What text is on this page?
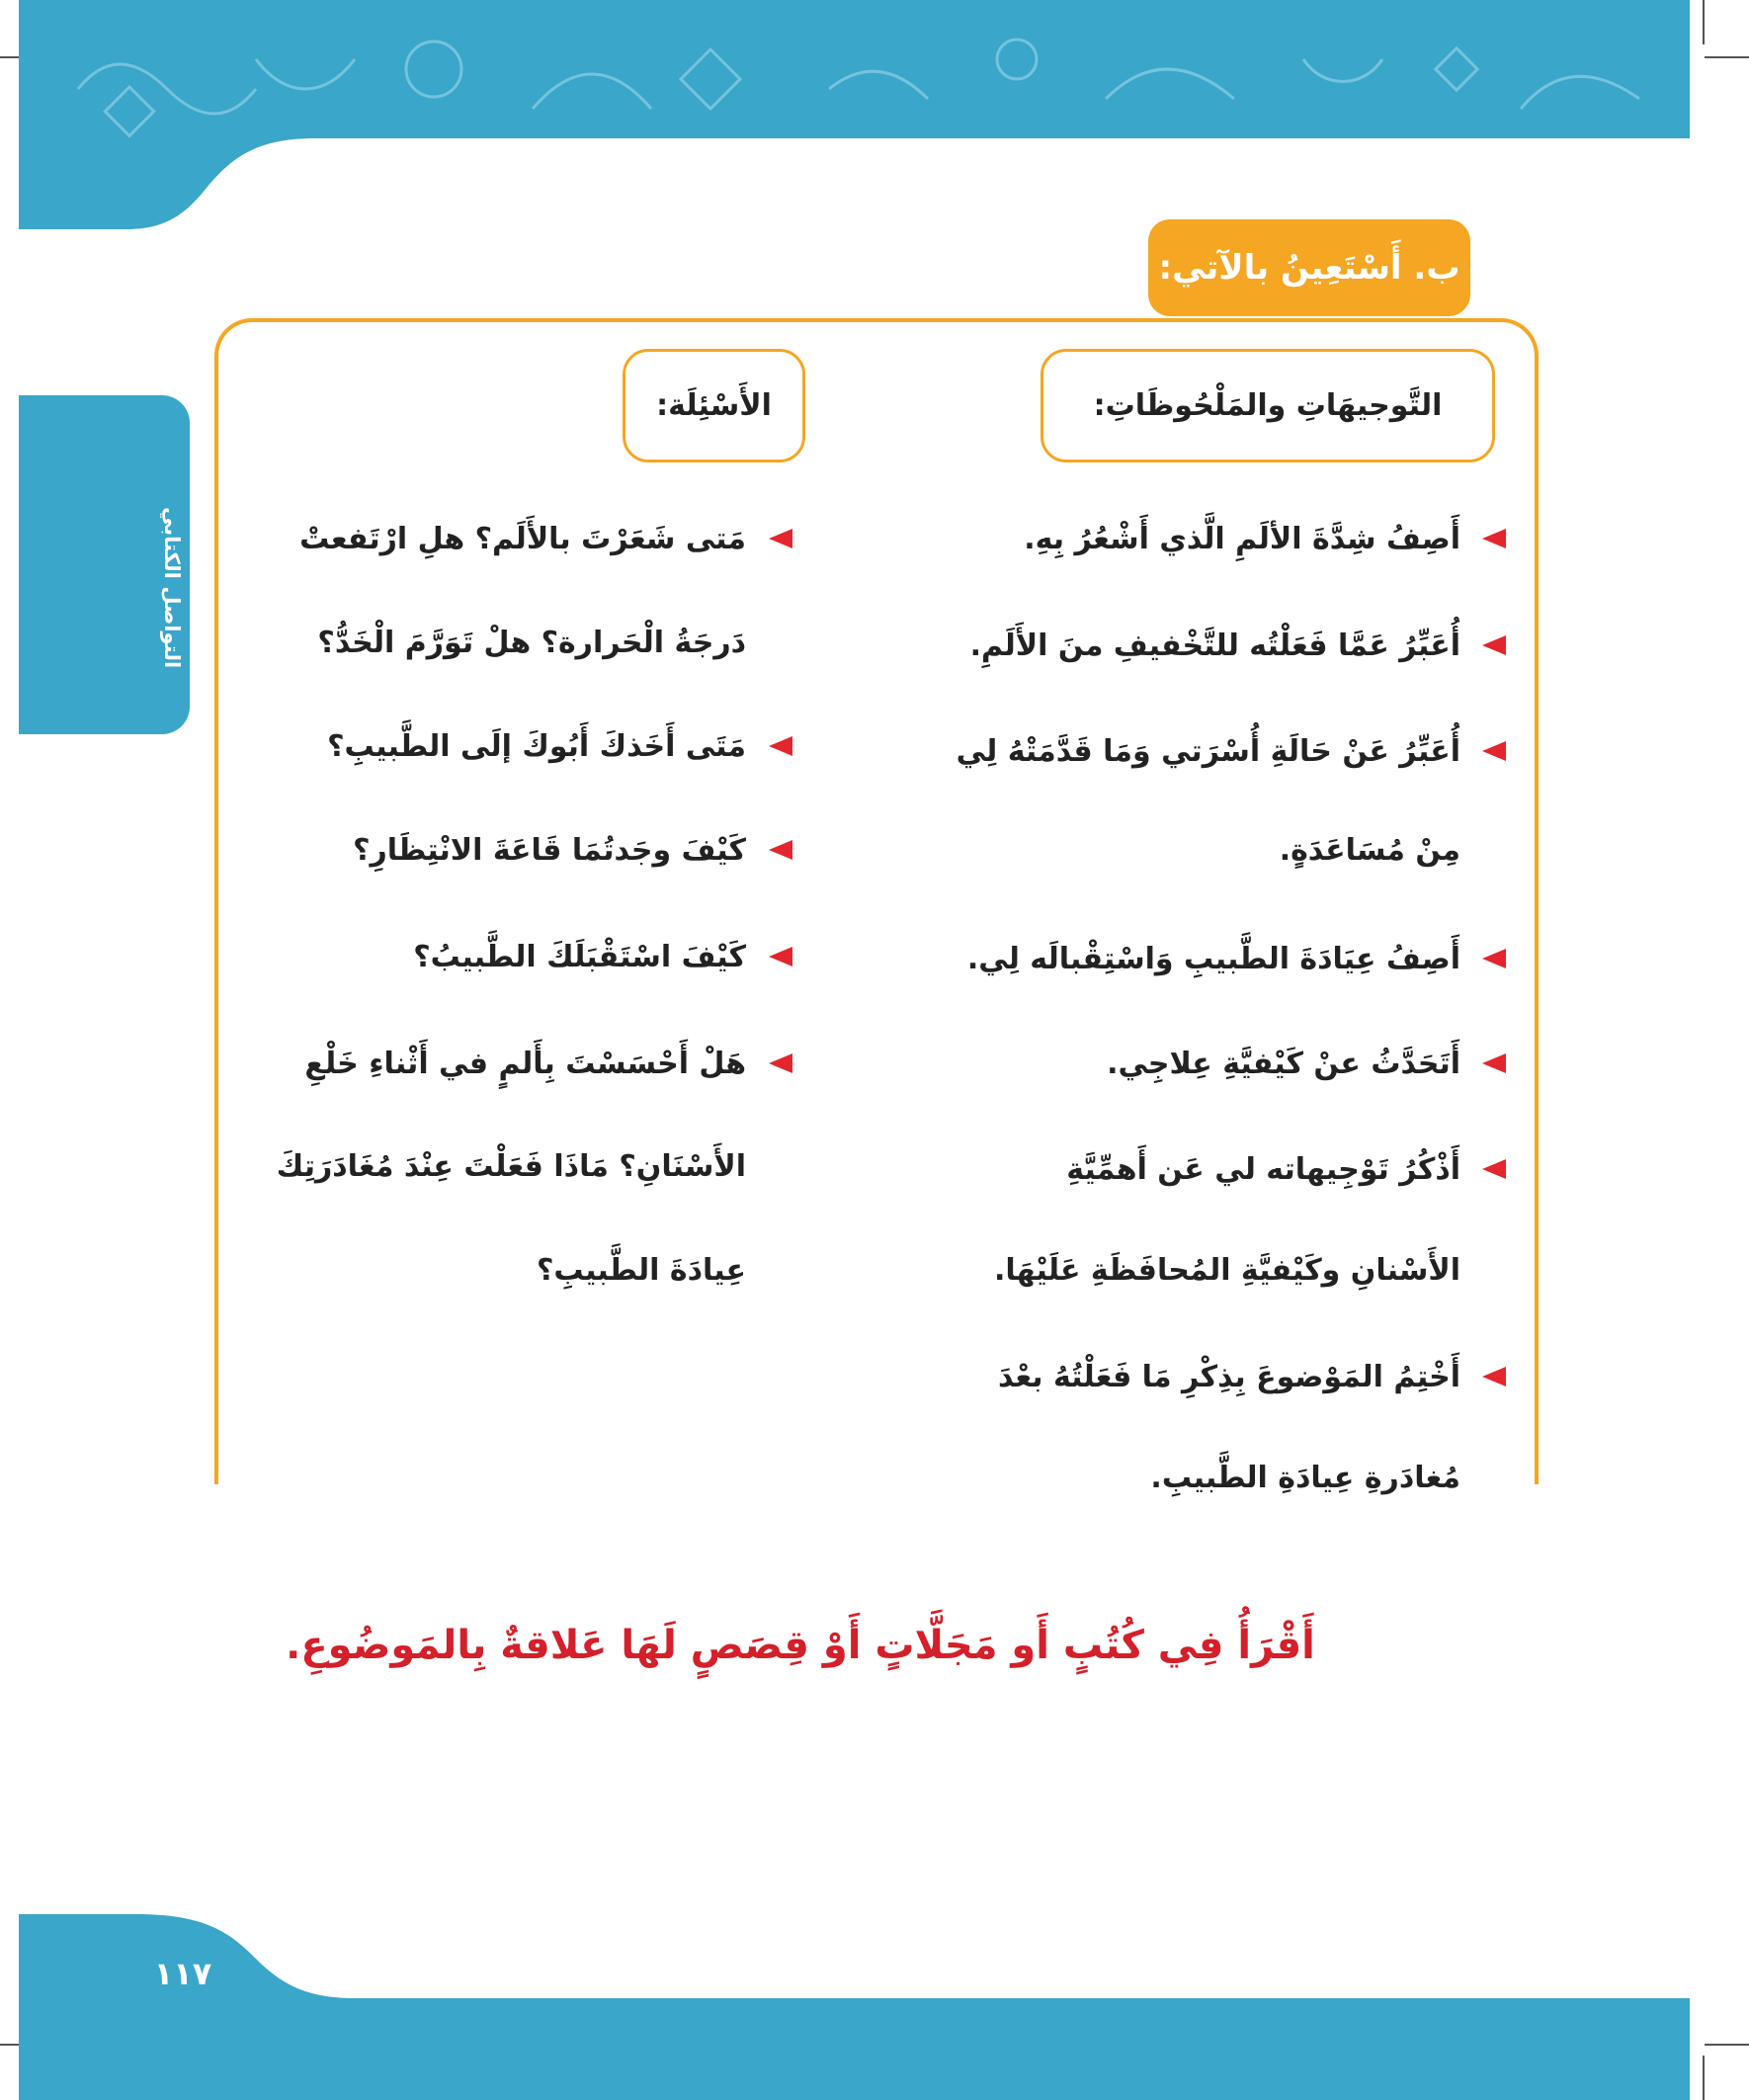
التواصل الكتابي
ب. أَسْتَعِينُ بالآتي:
التَّوجيهَاتِ والمَلْحُوظَاتِ:
الأَسْئِلَة:

أَصِفُ شِدَّةَ الألَمِ الَّذي أَشْعُرُ بِهِ.

أُعَبِّرُ عَمَّا فَعَلْتُه للتَّخْفيفِ منَ الأَلَمِ.

أُعَبِّرُ عَنْ حَالَةِ أُسْرَتي وَمَا قَدَّمَتْهُ لِي

مِنْ مُسَاعَدَةٍ.

أَصِفُ عِيَادَةَ الطَّبيبِ وَاسْتِقْبالَه لِي.

أَتَحَدَّثُ عنْ كَيْفيَّةِ عِلاجِي.

أَذْكُرُ تَوْجِيهاته لي عَن أَهمِّيَّةِ

الأَسْنانِ وكَيْفيَّةِ المُحافَظَةِ عَلَيْهَا.

أَخْتِمُ المَوْضوعَ بِذِكْرِ مَا فَعَلْتُهُ بعْدَ

مُغادَرةِ عِيادَةِ الطَّبيبِ.

مَتى شَعَرْتَ بالأَلَم؟ هلِ ارْتَفعتْ

دَرجَةُ الْحَرارة؟ هلْ تَوَرَّمَ الْخَدُّ؟

مَتَى أَخَذكَ أَبُوكَ إلَى الطَّبيبِ؟

كَيْفَ وجَدتُمَا قَاعَةَ الانْتِظَارِ؟

كَيْفَ اسْتَقْبَلَكَ الطَّبيبُ؟

هَلْ أَحْسَسْتَ بِأَلمٍ في أَثْناءِ خَلْعِ

الأَسْنَانِ؟ مَاذَا فَعَلْتَ عِنْدَ مُغَادَرَتِكَ

عِيادَةَ الطَّبيبِ؟

أَقْرَأُ فِي كُتُبٍ أَو مَجَلَّاتٍ أَوْ قِصَصٍ لَهَا عَلاقةٌ بِالمَوضُوعِ.
١١٧
